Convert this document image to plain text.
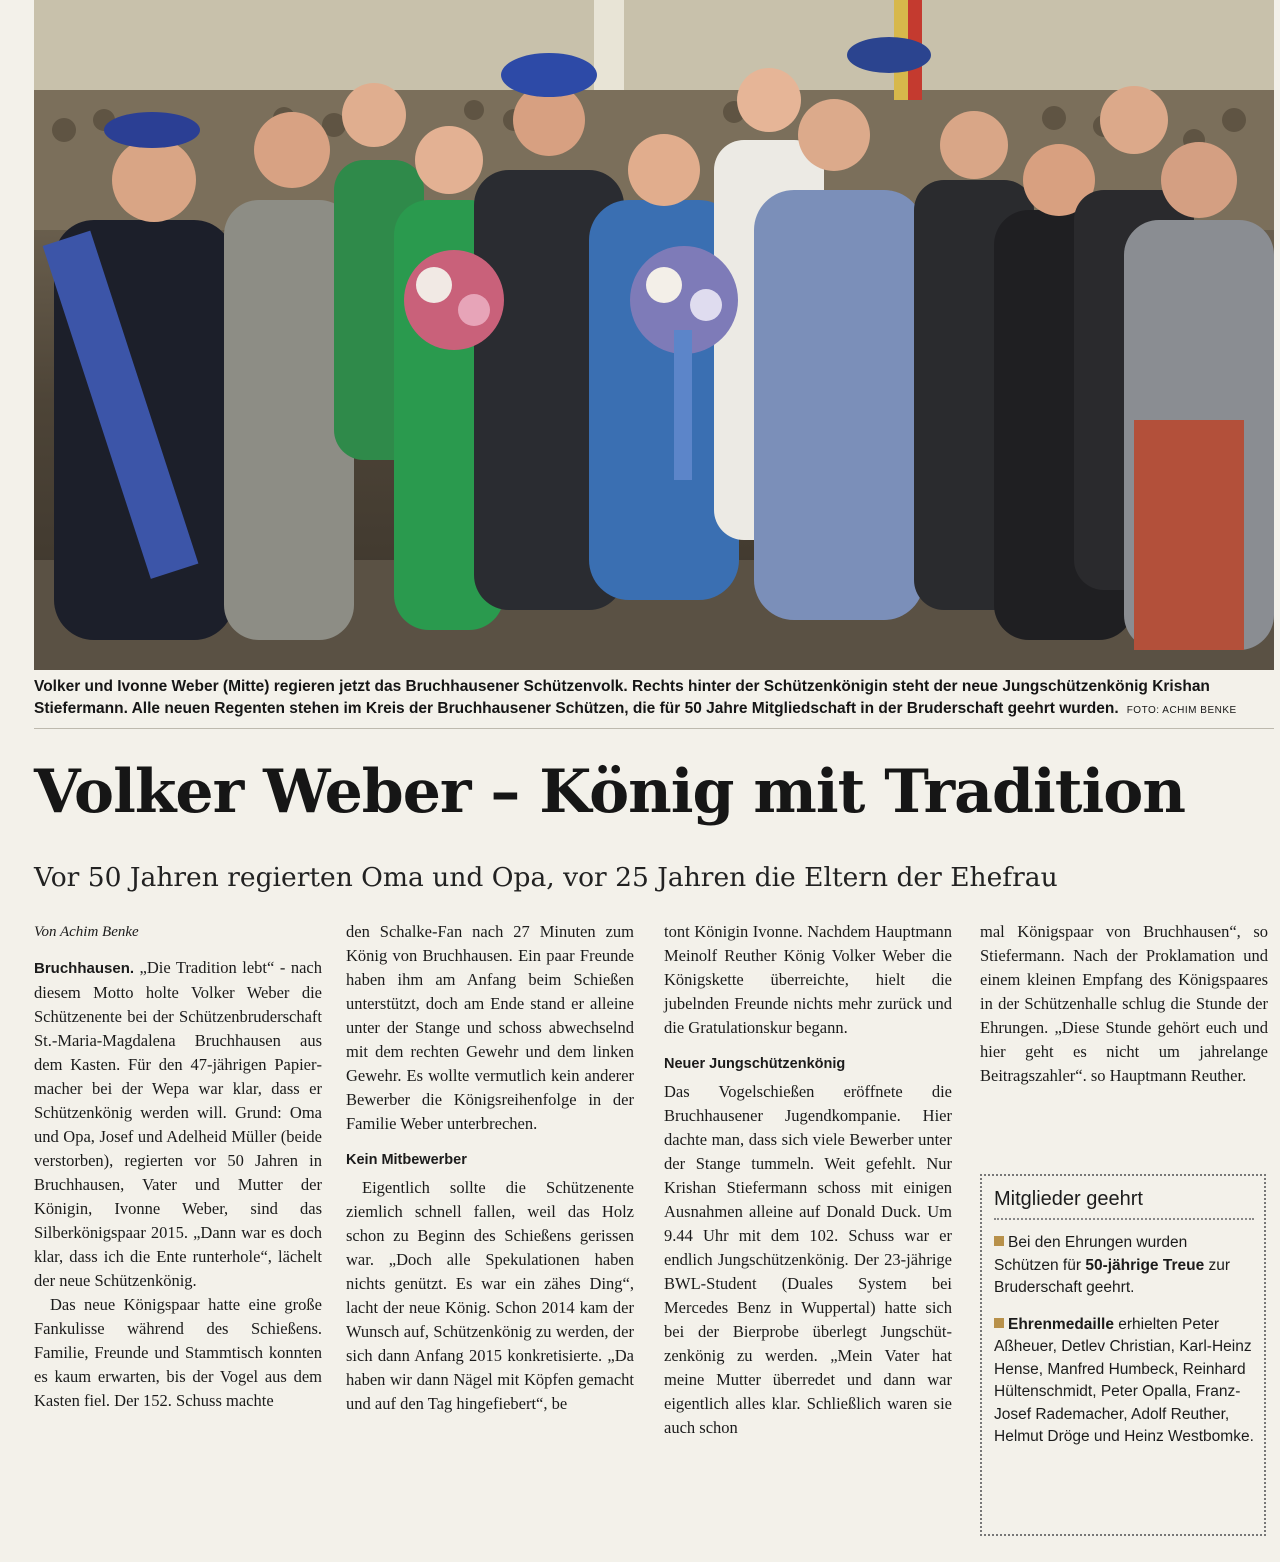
Volker und Ivonne Weber (Mitte) regieren jetzt das Bruchhausener Schützenvolk. Rechts hinter der Schützenkönigin steht der neue Jungschützenkönig Krishan Stiefermann. Alle neuen Regenten stehen im Kreis der Bruchhausener Schützen, die für 50 Jahre Mitgliedschaft in der Bruderschaft geehrt wurden. FOTO: ACHIM BENKE
Volker Weber – König mit Tradition
Vor 50 Jahren regierten Oma und Opa, vor 25 Jahren die Eltern der Ehefrau

Von Achim Benke

Bruchhausen. „Die Tradition lebt“ - nach diesem Motto holte Volker Weber die Schützenente bei der Schützenbruderschaft St.-Maria-Magdalena Bruchhausen aus dem Kasten. Für den 47-jährigen Papiermacher bei der Wepa war klar, dass er Schützenkönig werden will. Grund: Oma und Opa, Josef und Adelheid Müller (beide verstorben), regierten vor 50 Jahren in Bruchhausen, Vater und Mutter der Königin, Ivonne Weber, sind das Silberkönigspaar 2015. „Dann war es doch klar, dass ich die Ente runterhole“, lächelt der neue Schützenkönig.

Das neue Königspaar hatte eine große Fankulisse während des Schießens. Familie, Freunde und Stammtisch konnten es kaum erwarten, bis der Vogel aus dem Kasten fiel. Der 152. Schuss machte

den Schalke-Fan nach 27 Minuten zum König von Bruchhausen. Ein paar Freunde haben ihm am Anfang beim Schießen unterstützt, doch am Ende stand er alleine unter der Stange und schoss abwechselnd mit dem rechten Gewehr und dem linken Gewehr. Es wollte vermutlich kein anderer Bewerber die Königsreihenfolge in der Familie Weber unterbrechen.

Kein Mitbewerber

Eigentlich sollte die Schützenente ziemlich schnell fallen, weil das Holz schon zu Beginn des Schießens gerissen war. „Doch alle Spekulationen haben nichts genützt. Es war ein zähes Ding“, lacht der neue König. Schon 2014 kam der Wunsch auf, Schützenkönig zu werden, der sich dann Anfang 2015 konkretisierte. „Da haben wir dann Nägel mit Köpfen gemacht und auf den Tag hingefiebert“, be

tont Königin Ivonne. Nachdem Hauptmann Meinolf Reuther König Volker Weber die Königskette überreichte, hielt die jubelnden Freunde nichts mehr zurück und die Gratulationskur begann.

Neuer Jungschützenkönig

Das Vogelschießen eröffnete die Bruchhausener Jugendkompanie. Hier dachte man, dass sich viele Bewerber unter der Stange tummeln. Weit gefehlt. Nur Krishan Stiefermann schoss mit einigen Ausnahmen alleine auf Donald Duck. Um 9.44 Uhr mit dem 102. Schuss war er endlich Jungschützenkönig. Der 23-jährige BWL-Student (Duales System bei Mercedes Benz in Wuppertal) hatte sich bei der Bierprobe überlegt Jungschützenkönig zu werden. „Mein Vater hat meine Mutter überredet und dann war eigentlich alles klar. Schließlich waren sie auch schon

mal Königspaar von Bruchhausen“, so Stiefermann. Nach der Proklamation und einem kleinen Empfang des Königspaares in der Schützenhalle schlug die Stunde der Ehrungen. „Diese Stunde gehört euch und hier geht es nicht um jahrelange Beitragszahler“. so Hauptmann Reuther.

Mitglieder geehrt

Bei den Ehrungen wurden Schützen für 50-jährige Treue zur Bruderschaft geehrt.

Ehrenmedaille erhielten Peter Aßheuer, Detlev Christian, Karl-Heinz Hense, Manfred Humbeck, Reinhard Hültenschmidt, Peter Opalla, Franz-Josef Rademacher, Adolf Reuther, Helmut Dröge und Heinz Westbomke.
